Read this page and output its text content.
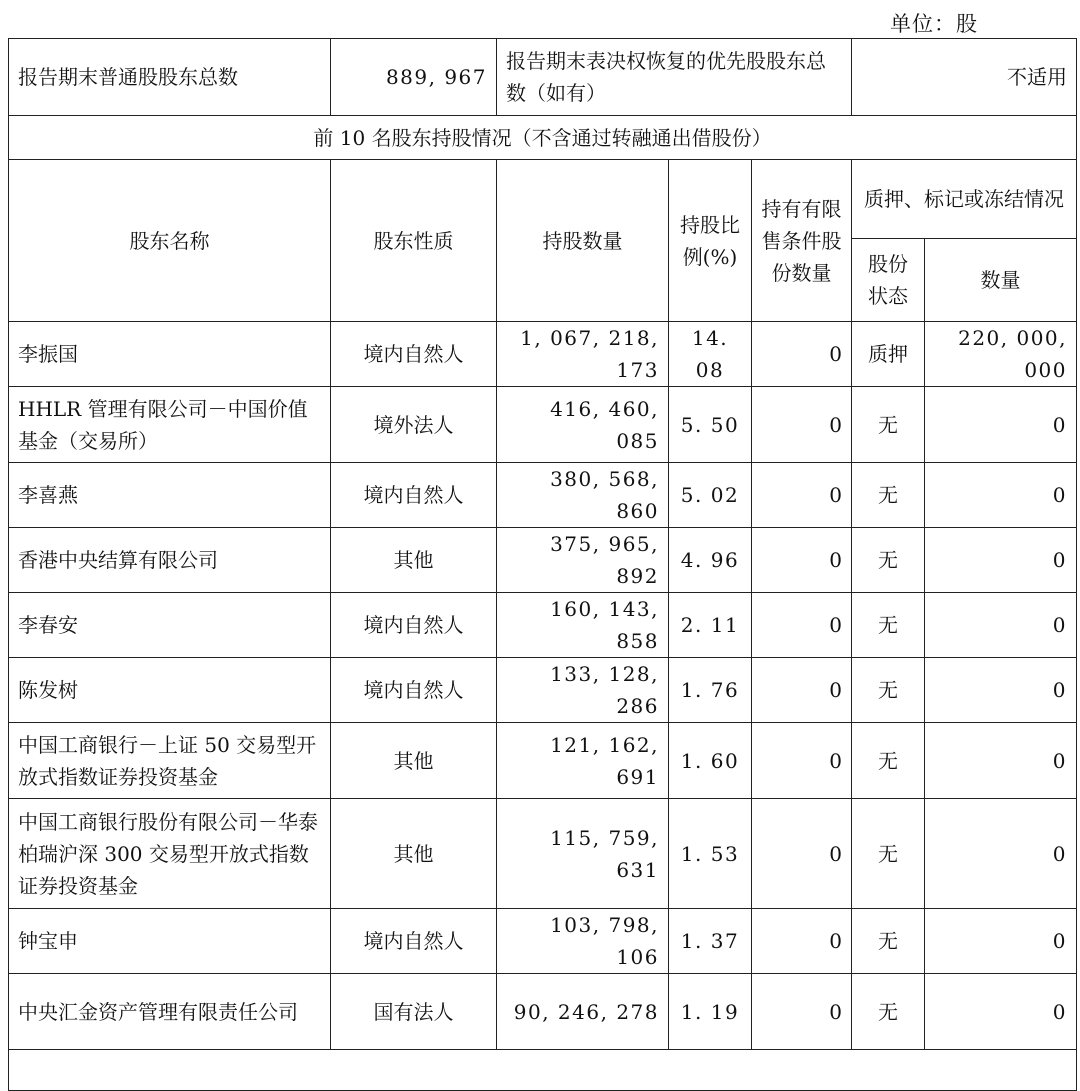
单位：股
报告期末普通股股东总数	889, 967	报告期末表决权恢复的优先股股东总数（如有）			不适用	
前 10 名股东持股情况（不含通过转融通出借股份）						
股东名称	股东性质	持股数量	持股比例(%)	持有有限售条件股份数量	质押、标记或冻结情况	
					股份状态	数量
李振国	境内自然人	1, 067, 218, 173	14. 08	0	质押	220, 000, 000
HHLR 管理有限公司－中国价值基金（交易所）	境外法人	416, 460, 085	5. 50	0	无	0
李喜燕	境内自然人	380, 568, 860	5. 02	0	无	0
香港中央结算有限公司	其他	375, 965, 892	4. 96	0	无	0
李春安	境内自然人	160, 143, 858	2. 11	0	无	0
陈发树	境内自然人	133, 128, 286	1. 76	0	无	0
中国工商银行－上证 50 交易型开放式指数证券投资基金	其他	121, 162, 691	1. 60	0	无	0
中国工商银行股份有限公司－华泰柏瑞沪深 300 交易型开放式指数证券投资基金	其他	115, 759, 631	1. 53	0	无	0
钟宝申	境内自然人	103, 798, 106	1. 37	0	无	0
中央汇金资产管理有限责任公司	国有法人	90, 246, 278	1. 19	0	无	0
